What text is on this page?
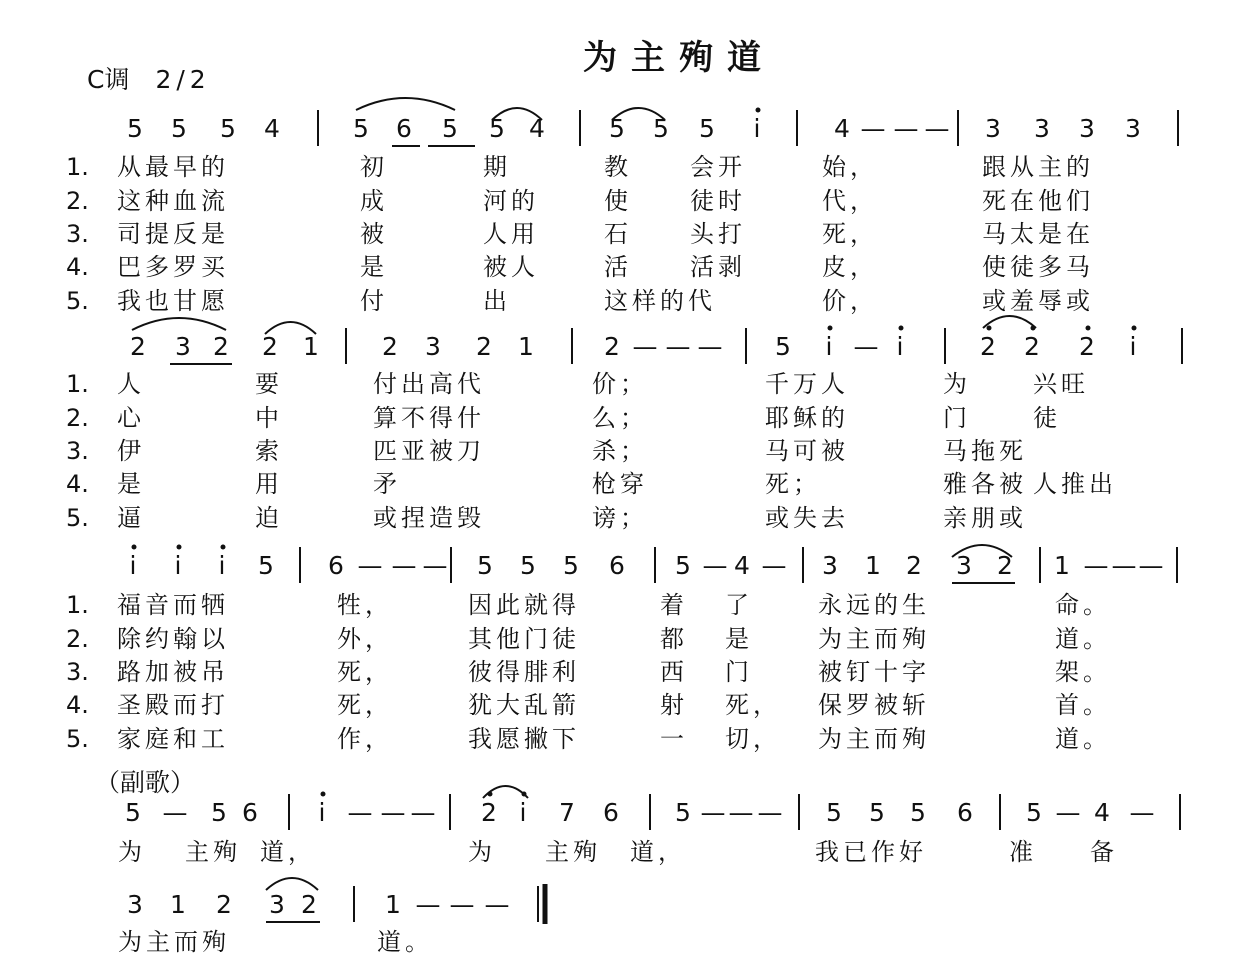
为主殉道
C调 2/2
（副歌）
5 5 5 4	5 6 5 5 4	5 5 5 i	4 — — — 3 3 3 3
1. 从最早的	初	期	教 会开	始，	跟从主的
2. 这种血流	成	河的	使 徒时	代，	死在他们
3. 司提反是	被	人用	石 头打	死，	马太是在
4. 巴多罗买	是	被人	活 活剥	皮，	使徒多马
5. 我也甘愿	付	出	这样的代	价，	或羞辱或
2 3 2 2 1	2 3 2 1	2 — — — 5 i — i	2 2 2 i
1. 人	要	付出高代	价；	千万人	为	兴旺
2. 心	中	算不得什	么；	耶稣的	门	徒
3. 伊	索	匹亚被刀	杀；	马可被	马拖死
4. 是	用	矛	枪穿	死；	雅各被 人推出
5. 逼	迫	或捏造毁	谤；	或失去	亲朋或
i i i 5 6 — — — 5 5 5 6 5 — 4 — 3 1 2 3 2 1 — — —
1. 福音而牺	牲，	因此就得	着 了	永远的生	命。
2. 除约翰以	外，	其他门徒	都 是	为主而殉	道。
3. 路加被吊	死，	彼得腓利	西 门	被钉十字	架。
4. 圣殿而打	死，	犹大乱箭	射 死， 保罗被斩	首。
5. 家庭和工	作，	我愿撇下	一 切， 为主而殉	道。
5 — 5 6 i — — — 2 i 7 6 5 — — — 5 5 5 6 5 — 4 —
为 主殉 道，	为 主殉 道，	我已作好	准 备
3 1 2 3 2	1 — — —
为主而殉	道。
